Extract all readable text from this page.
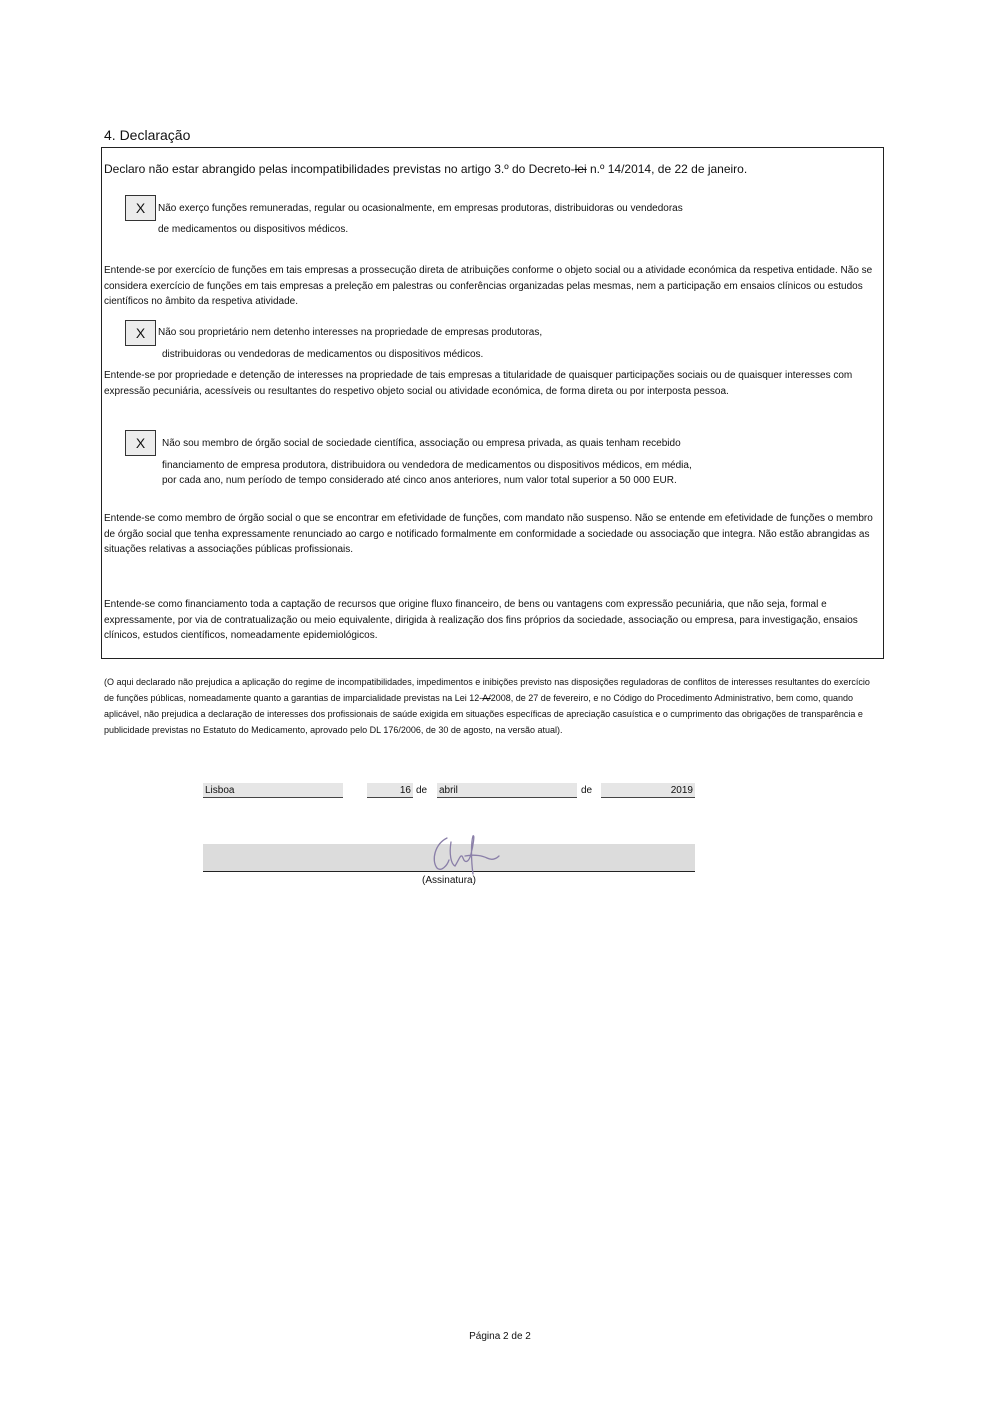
4. Declaração
Declaro não estar abrangido pelas incompatibilidades previstas no artigo 3.º do Decreto-lei n.º 14/2014, de 22 de janeiro.
X	Não exerço funções remuneradas, regular ou ocasionalmente, em empresas produtoras, distribuidoras ou vendedoras
de medicamentos ou dispositivos médicos.
Entende-se por exercício de funções em tais empresas a prossecução direta de atribuições conforme o objeto social ou a atividade económica da respetiva entidade. Não se considera exercício de funções em tais empresas a preleção em palestras ou conferências organizadas pelas mesmas, nem a participação em ensaios clínicos ou estudos científicos no âmbito da respetiva atividade.
X	Não sou proprietário nem detenho interesses na propriedade de empresas produtoras,
distribuidoras ou vendedoras de medicamentos ou dispositivos médicos.
Entende-se por propriedade e detenção de interesses na propriedade de tais empresas a titularidade de quaisquer participações sociais ou de quaisquer interesses com expressão pecuniária, acessíveis ou resultantes do respetivo objeto social ou atividade económica, de forma direta ou por interposta pessoa.
X	Não sou membro de órgão social de sociedade científica, associação ou empresa privada, as quais tenham recebido
financiamento de empresa produtora, distribuidora ou vendedora de medicamentos ou dispositivos médicos, em média,
por cada ano, num período de tempo considerado até cinco anos anteriores, num valor total superior a 50 000 EUR.
Entende-se como membro de órgão social o que se encontrar em efetividade de funções, com mandato não suspenso. Não se entende em efetividade de funções o membro de órgão social que tenha expressamente renunciado ao cargo e notificado formalmente em conformidade a sociedade ou associação que integra. Não estão abrangidas as situações relativas a associações públicas profissionais.
Entende-se como financiamento toda a captação de recursos que origine fluxo financeiro, de bens ou vantagens com expressão pecuniária, que não seja, formal e expressamente, por via de contratualização ou meio equivalente, dirigida à realização dos fins próprios da sociedade, associação ou empresa, para investigação, ensaios clínicos, estudos científicos, nomeadamente epidemiológicos.
(O aqui declarado não prejudica a aplicação do regime de incompatibilidades, impedimentos e inibições previsto nas disposições reguladoras de conflitos de interesses resultantes do exercício de funções públicas, nomeadamente quanto a garantias de imparcialidade previstas na Lei 12-A/2008, de 27 de fevereiro, e no Código do Procedimento Administrativo, bem como, quando aplicável, não prejudica a declaração de interesses dos profissionais de saúde exigida em situações específicas de apreciação casuística e o cumprimento das obrigações de transparência e publicidade previstas no Estatuto do Medicamento, aprovado pelo DL 176/2006, de 30 de agosto, na versão atual).
Lisboa	16 de abril	de	2019
(Assinatura)
Página 2 de 2
